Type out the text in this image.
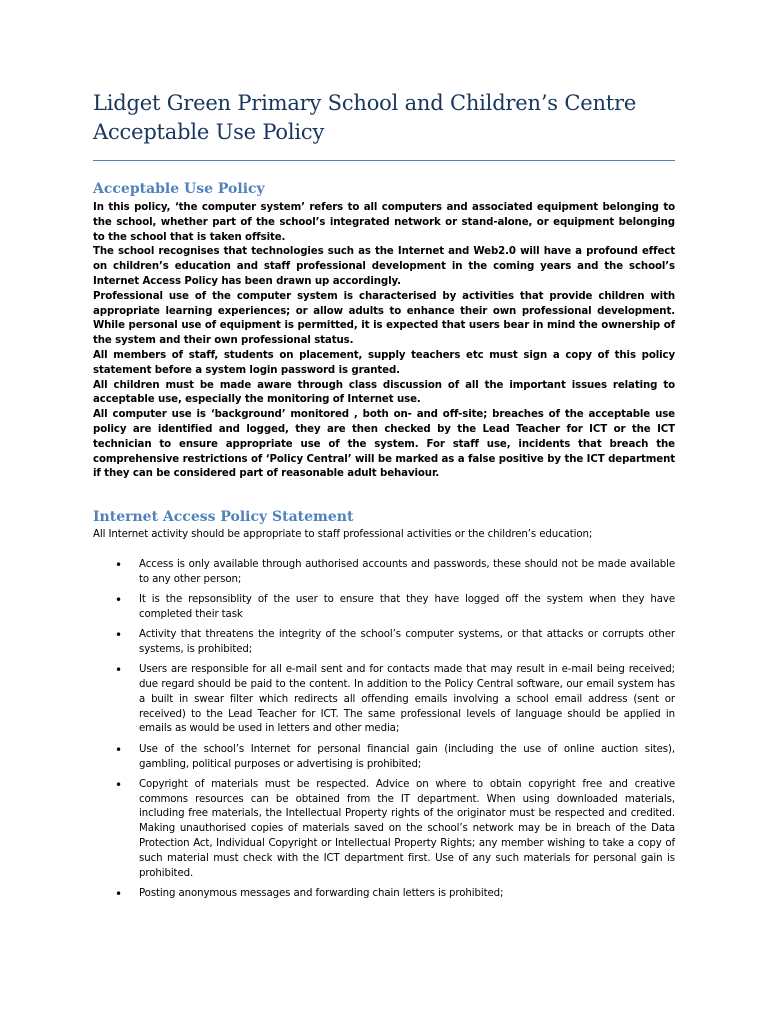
Lidget Green Primary School and Children’s Centre
Acceptable Use Policy
Acceptable Use Policy

In this policy, ‘the computer system’ refers to all computers and associated equipment belonging to the school, whether part of the school’s integrated network or stand-alone, or equipment belonging to the school that is taken offsite.

The school recognises that technologies such as the Internet and Web2.0 will have a profound effect on children’s education and staff professional development in the coming years and the school’s Internet Access Policy has been drawn up accordingly.

Professional use of the computer system is characterised by activities that provide children with appropriate learning experiences; or allow adults to enhance their own professional development. While personal use of equipment is permitted, it is expected that users bear in mind the ownership of the system and their own professional status.

All members of staff, students on placement, supply teachers etc must sign a copy of this policy statement before a system login password is granted.

All children must be made aware through class discussion of all the important issues relating to acceptable use, especially the monitoring of Internet use.

All computer use is ‘background’ monitored , both on- and off-site; breaches of the acceptable use policy are identified and logged, they are then checked by the Lead Teacher for ICT or the ICT technician to ensure appropriate use of the system. For staff use, incidents that breach the comprehensive restrictions of ‘Policy Central’ will be marked as a false positive by the ICT department if they can be considered part of reasonable adult behaviour.

Internet Access Policy Statement

All Internet activity should be appropriate to staff professional activities or the children’s education;

• Access is only available through authorised accounts and passwords, these should not be made available to any other person;
• It is the repsonsiblity of the user to ensure that they have logged off the system when they have completed their task
• Activity that threatens the integrity of the school’s computer systems, or that attacks or corrupts other systems, is prohibited;
• Users are responsible for all e-mail sent and for contacts made that may result in e-mail being received; due regard should be paid to the content. In addition to the Policy Central software, our email system has a built in swear filter which redirects all offending emails involving a school email address (sent or received) to the Lead Teacher for ICT. The same professional levels of language should be applied in emails as would be used in letters and other media;
• Use of the school’s Internet for personal financial gain (including the use of online auction sites), gambling, political purposes or advertising is prohibited;
• Copyright of materials must be respected. Advice on where to obtain copyright free and creative commons resources can be obtained from the IT department. When using downloaded materials, including free materials, the Intellectual Property rights of the originator must be respected and credited. Making unauthorised copies of materials saved on the school’s network may be in breach of the Data Protection Act, Individual Copyright or Intellectual Property Rights; any member wishing to take a copy of such material must check with the ICT department first. Use of any such materials for personal gain is prohibited.
• Posting anonymous messages and forwarding chain letters is prohibited;
